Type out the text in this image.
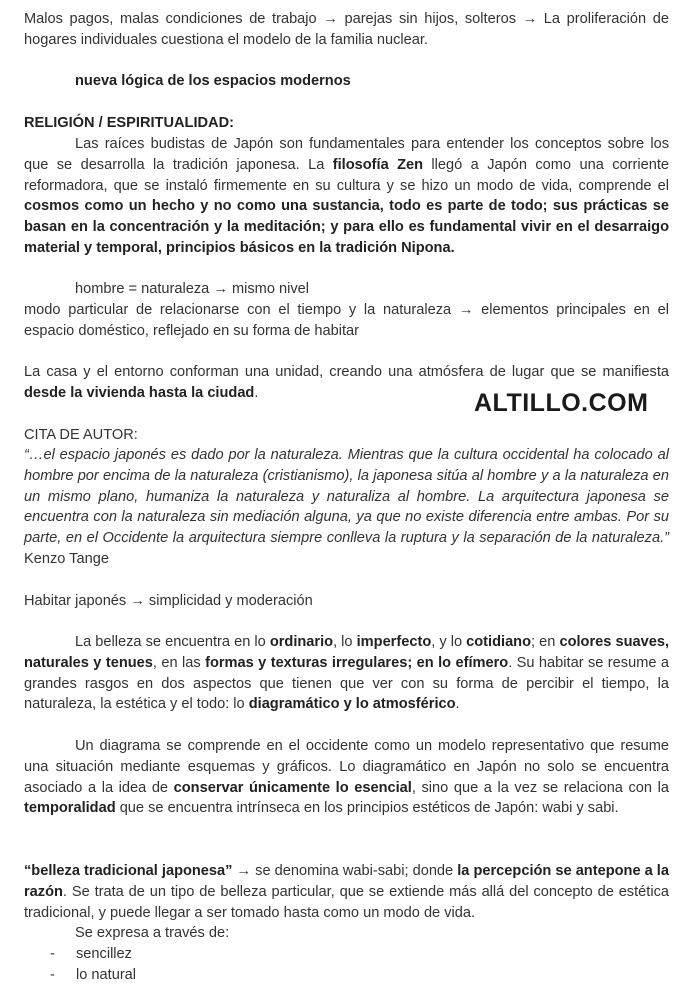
Malos pagos, malas condiciones de trabajo → parejas sin hijos, solteros → La proliferación de hogares individuales cuestiona el modelo de la familia nuclear.

nueva lógica de los espacios modernos

RELIGIÓN / ESPIRITUALIDAD:

Las raíces budistas de Japón son fundamentales para entender los conceptos sobre los que se desarrolla la tradición japonesa. La filosofía Zen llegó a Japón como una corriente reformadora, que se instaló firmemente en su cultura y se hizo un modo de vida, comprende el cosmos como un hecho y no como una sustancia, todo es parte de todo; sus prácticas se basan en la concentración y la meditación; y para ello es fundamental vivir en el desarraigo material y temporal, principios básicos en la tradición Nipona.

hombre = naturaleza → mismo nivel

modo particular de relacionarse con el tiempo y la naturaleza → elementos principales en el espacio doméstico, reflejado en su forma de habitar

La casa y el entorno conforman una unidad, creando una atmósfera de lugar que se manifiesta desde la vivienda hasta la ciudad.	ALTILLO.COM

CITA DE AUTOR:

“…el espacio japonés es dado por la naturaleza. Mientras que la cultura occidental ha colocado al hombre por encima de la naturaleza (cristianismo), la japonesa sitúa al hombre y a la naturaleza en un mismo plano, humaniza la naturaleza y naturaliza al hombre. La arquitectura japonesa se encuentra con la naturaleza sin mediación alguna, ya que no existe diferencia entre ambas. Por su parte, en el Occidente la arquitectura siempre conlleva la ruptura y la separación de la naturaleza.” Kenzo Tange

Habitar japonés → simplicidad y moderación

La belleza se encuentra en lo ordinario, lo imperfecto, y lo cotidiano; en colores suaves, naturales y tenues, en las formas y texturas irregulares; en lo efímero. Su habitar se resume a grandes rasgos en dos aspectos que tienen que ver con su forma de percibir el tiempo, la naturaleza, la estética y el todo: lo diagramático y lo atmosférico.

Un diagrama se comprende en el occidente como un modelo representativo que resume una situación mediante esquemas y gráficos. Lo diagramático en Japón no solo se encuentra asociado a la idea de conservar únicamente lo esencial, sino que a la vez se relaciona con la temporalidad que se encuentra intrínseca en los principios estéticos de Japón: wabi y sabi.

“belleza tradicional japonesa” → se denomina wabi-sabi; donde la percepción se antepone a la razón. Se trata de un tipo de belleza particular, que se extiende más allá del concepto de estética tradicional, y puede llegar a ser tomado hasta como un modo de vida.

Se expresa a través de:

- sencillez
- lo natural
